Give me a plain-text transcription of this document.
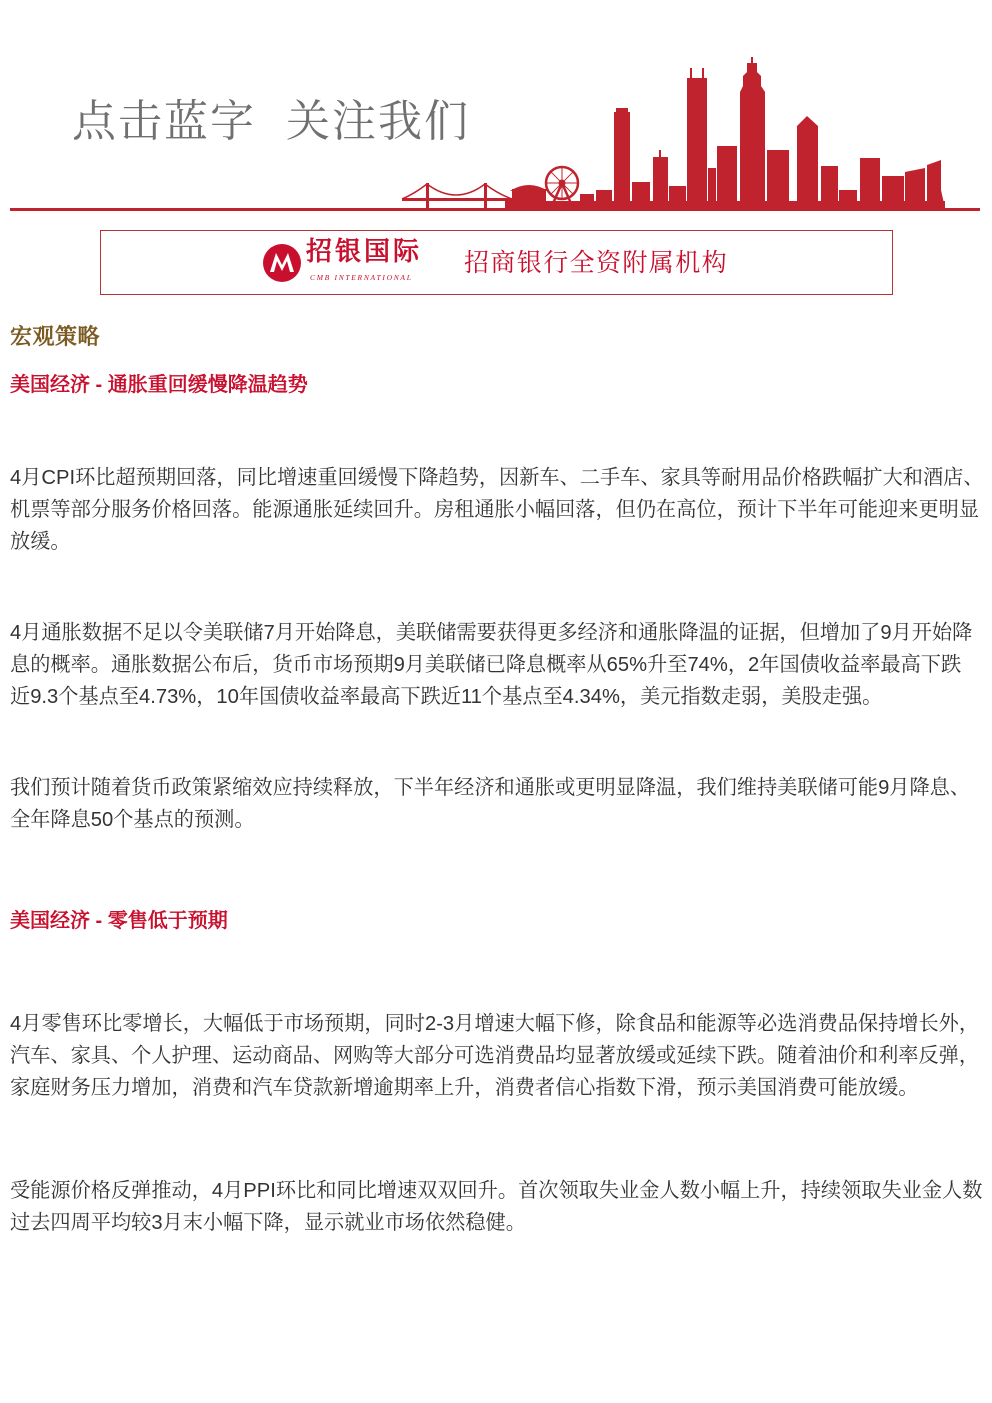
点击蓝字 关注我们
招银国际
CMB INTERNATIONAL
招商银行全资附属机构
宏观策略
美国经济 - 通胀重回缓慢降温趋势
4月CPI环比超预期回落，同比增速重回缓慢下降趋势，因新车、二手车、家具等耐用品价格跌幅扩大和酒店、
机票等部分服务价格回落。能源通胀延续回升。房租通胀小幅回落，但仍在高位，预计下半年可能迎来更明显
放缓。
4月通胀数据不足以令美联储7月开始降息，美联储需要获得更多经济和通胀降温的证据，但增加了9月开始降
息的概率。通胀数据公布后，货币市场预期9月美联储已降息概率从65%升至74%，2年国债收益率最高下跌
近9.3个基点至4.73%，10年国债收益率最高下跌近11个基点至4.34%，美元指数走弱，美股走强。
我们预计随着货币政策紧缩效应持续释放，下半年经济和通胀或更明显降温，我们维持美联储可能9月降息、
全年降息50个基点的预测。
美国经济 - 零售低于预期
4月零售环比零增长，大幅低于市场预期，同时2-3月增速大幅下修，除食品和能源等必选消费品保持增长外，
汽车、家具、个人护理、运动商品、网购等大部分可选消费品均显著放缓或延续下跌。随着油价和利率反弹，
家庭财务压力增加，消费和汽车贷款新增逾期率上升，消费者信心指数下滑，预示美国消费可能放缓。
受能源价格反弹推动，4月PPI环比和同比增速双双回升。首次领取失业金人数小幅上升，持续领取失业金人数
过去四周平均较3月末小幅下降，显示就业市场依然稳健。
